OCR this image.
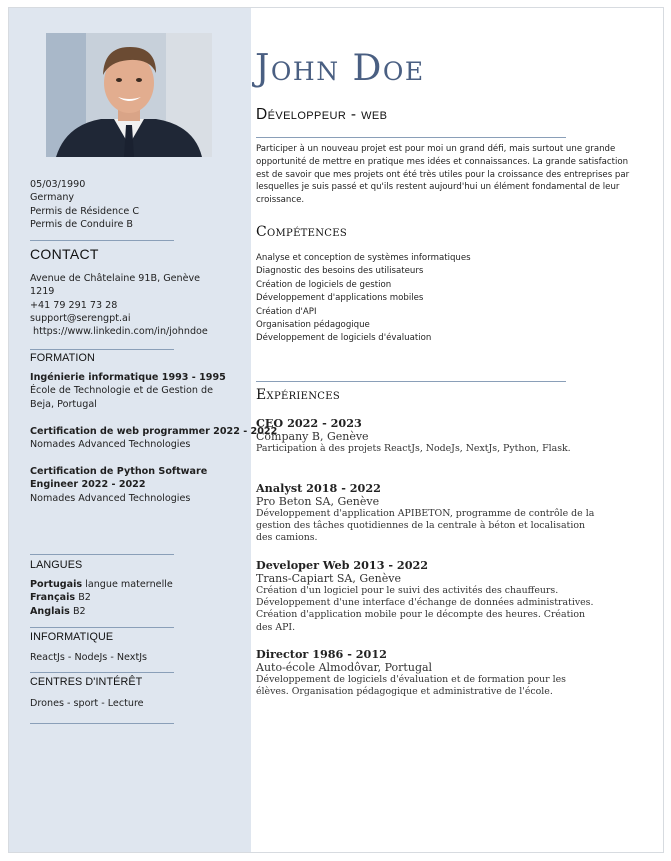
05/03/1990
Germany
Permis de Résidence C
Permis de Conduire B
CONTACT
Avenue de Châtelaine 91B, Genève
1219
+41 79 291 73 28
support@serengpt.ai
https://www.linkedin.com/in/johndoe
FORMATION
Ingénierie informatique 1993 - 1995
École de Technologie et de Gestion de Beja, Portugal
Certification de web programmer 2022 - 2022
Nomades Advanced Technologies
Certification de Python Software Engineer 2022 - 2022
Nomades Advanced Technologies
LANGUES
Portugais langue maternelle
Français B2
Anglais B2
INFORMATIQUE
ReactJs - NodeJs - NextJs
CENTRES D'INTÉRÊT
Drones - sport - Lecture
John Doe
Développeur - web
Participer à un nouveau projet est pour moi un grand défi, mais surtout une grande opportunité de mettre en pratique mes idées et connaissances. La grande satisfaction est de savoir que mes projets ont été très utiles pour la croissance des entreprises par lesquelles je suis passé et qu'ils restent aujourd'hui un élément fondamental de leur croissance.
Compétences
Analyse et conception de systèmes informatiques
Diagnostic des besoins des utilisateurs
Création de logiciels de gestion
Développement d'applications mobiles
Création d'API
Organisation pédagogique
Développement de logiciels d'évaluation
Expériences
CEO 2022 - 2023
Company B, Genève
Participation à des projets ReactJs, NodeJs, NextJs, Python, Flask.
Analyst 2018 - 2022
Pro Beton SA, Genève
Développement d'application APIBETON, programme de contrôle de la gestion des tâches quotidiennes de la centrale à béton et localisation des camions.
Developer Web 2013 - 2022
Trans-Capiart SA, Genève
Création d'un logiciel pour le suivi des activités des chauffeurs. Développement d'une interface d'échange de données administratives. Création d'application mobile pour le décompte des heures. Création des API.
Director 1986 - 2012
Auto-école Almodôvar, Portugal
Développement de logiciels d'évaluation et de formation pour les élèves. Organisation pédagogique et administrative de l'école.
